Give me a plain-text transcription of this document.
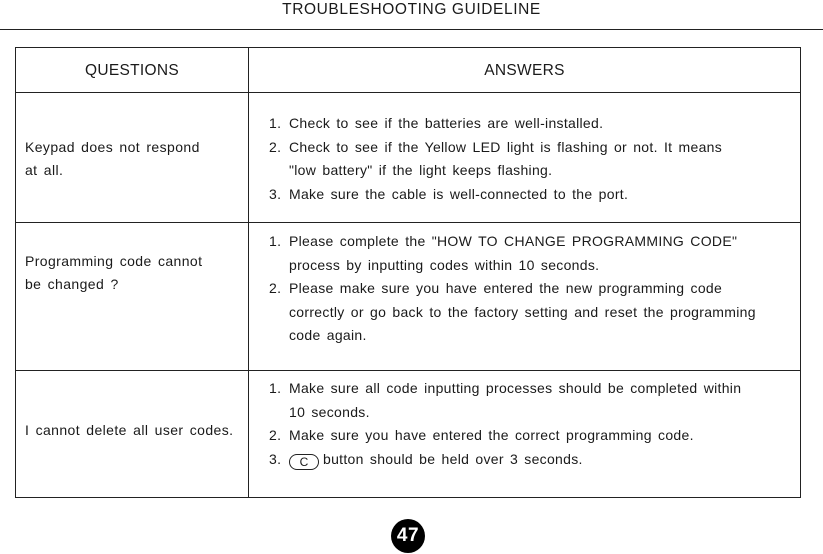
TROUBLESHOOTING GUIDELINE
QUESTIONS	ANSWERS
Keypad does not respond
at all.
1. Check to see if the batteries are well-installed.
2. Check to see if the Yellow LED light is flashing or not. It means
"low battery" if the light keeps flashing.
3. Make sure the cable is well-connected to the port.
Programming code cannot
be changed ?
1. Please complete the "HOW TO CHANGE PROGRAMMING CODE"
process by inputting codes within 10 seconds.
2. Please make sure you have entered the new programming code
correctly or go back to the factory setting and reset the programming
code again.
I cannot delete all user codes.
1. Make sure all code inputting processes should be completed within
10 seconds.
2. Make sure you have entered the correct programming code.
3.	C button should be held over 3 seconds.
47
